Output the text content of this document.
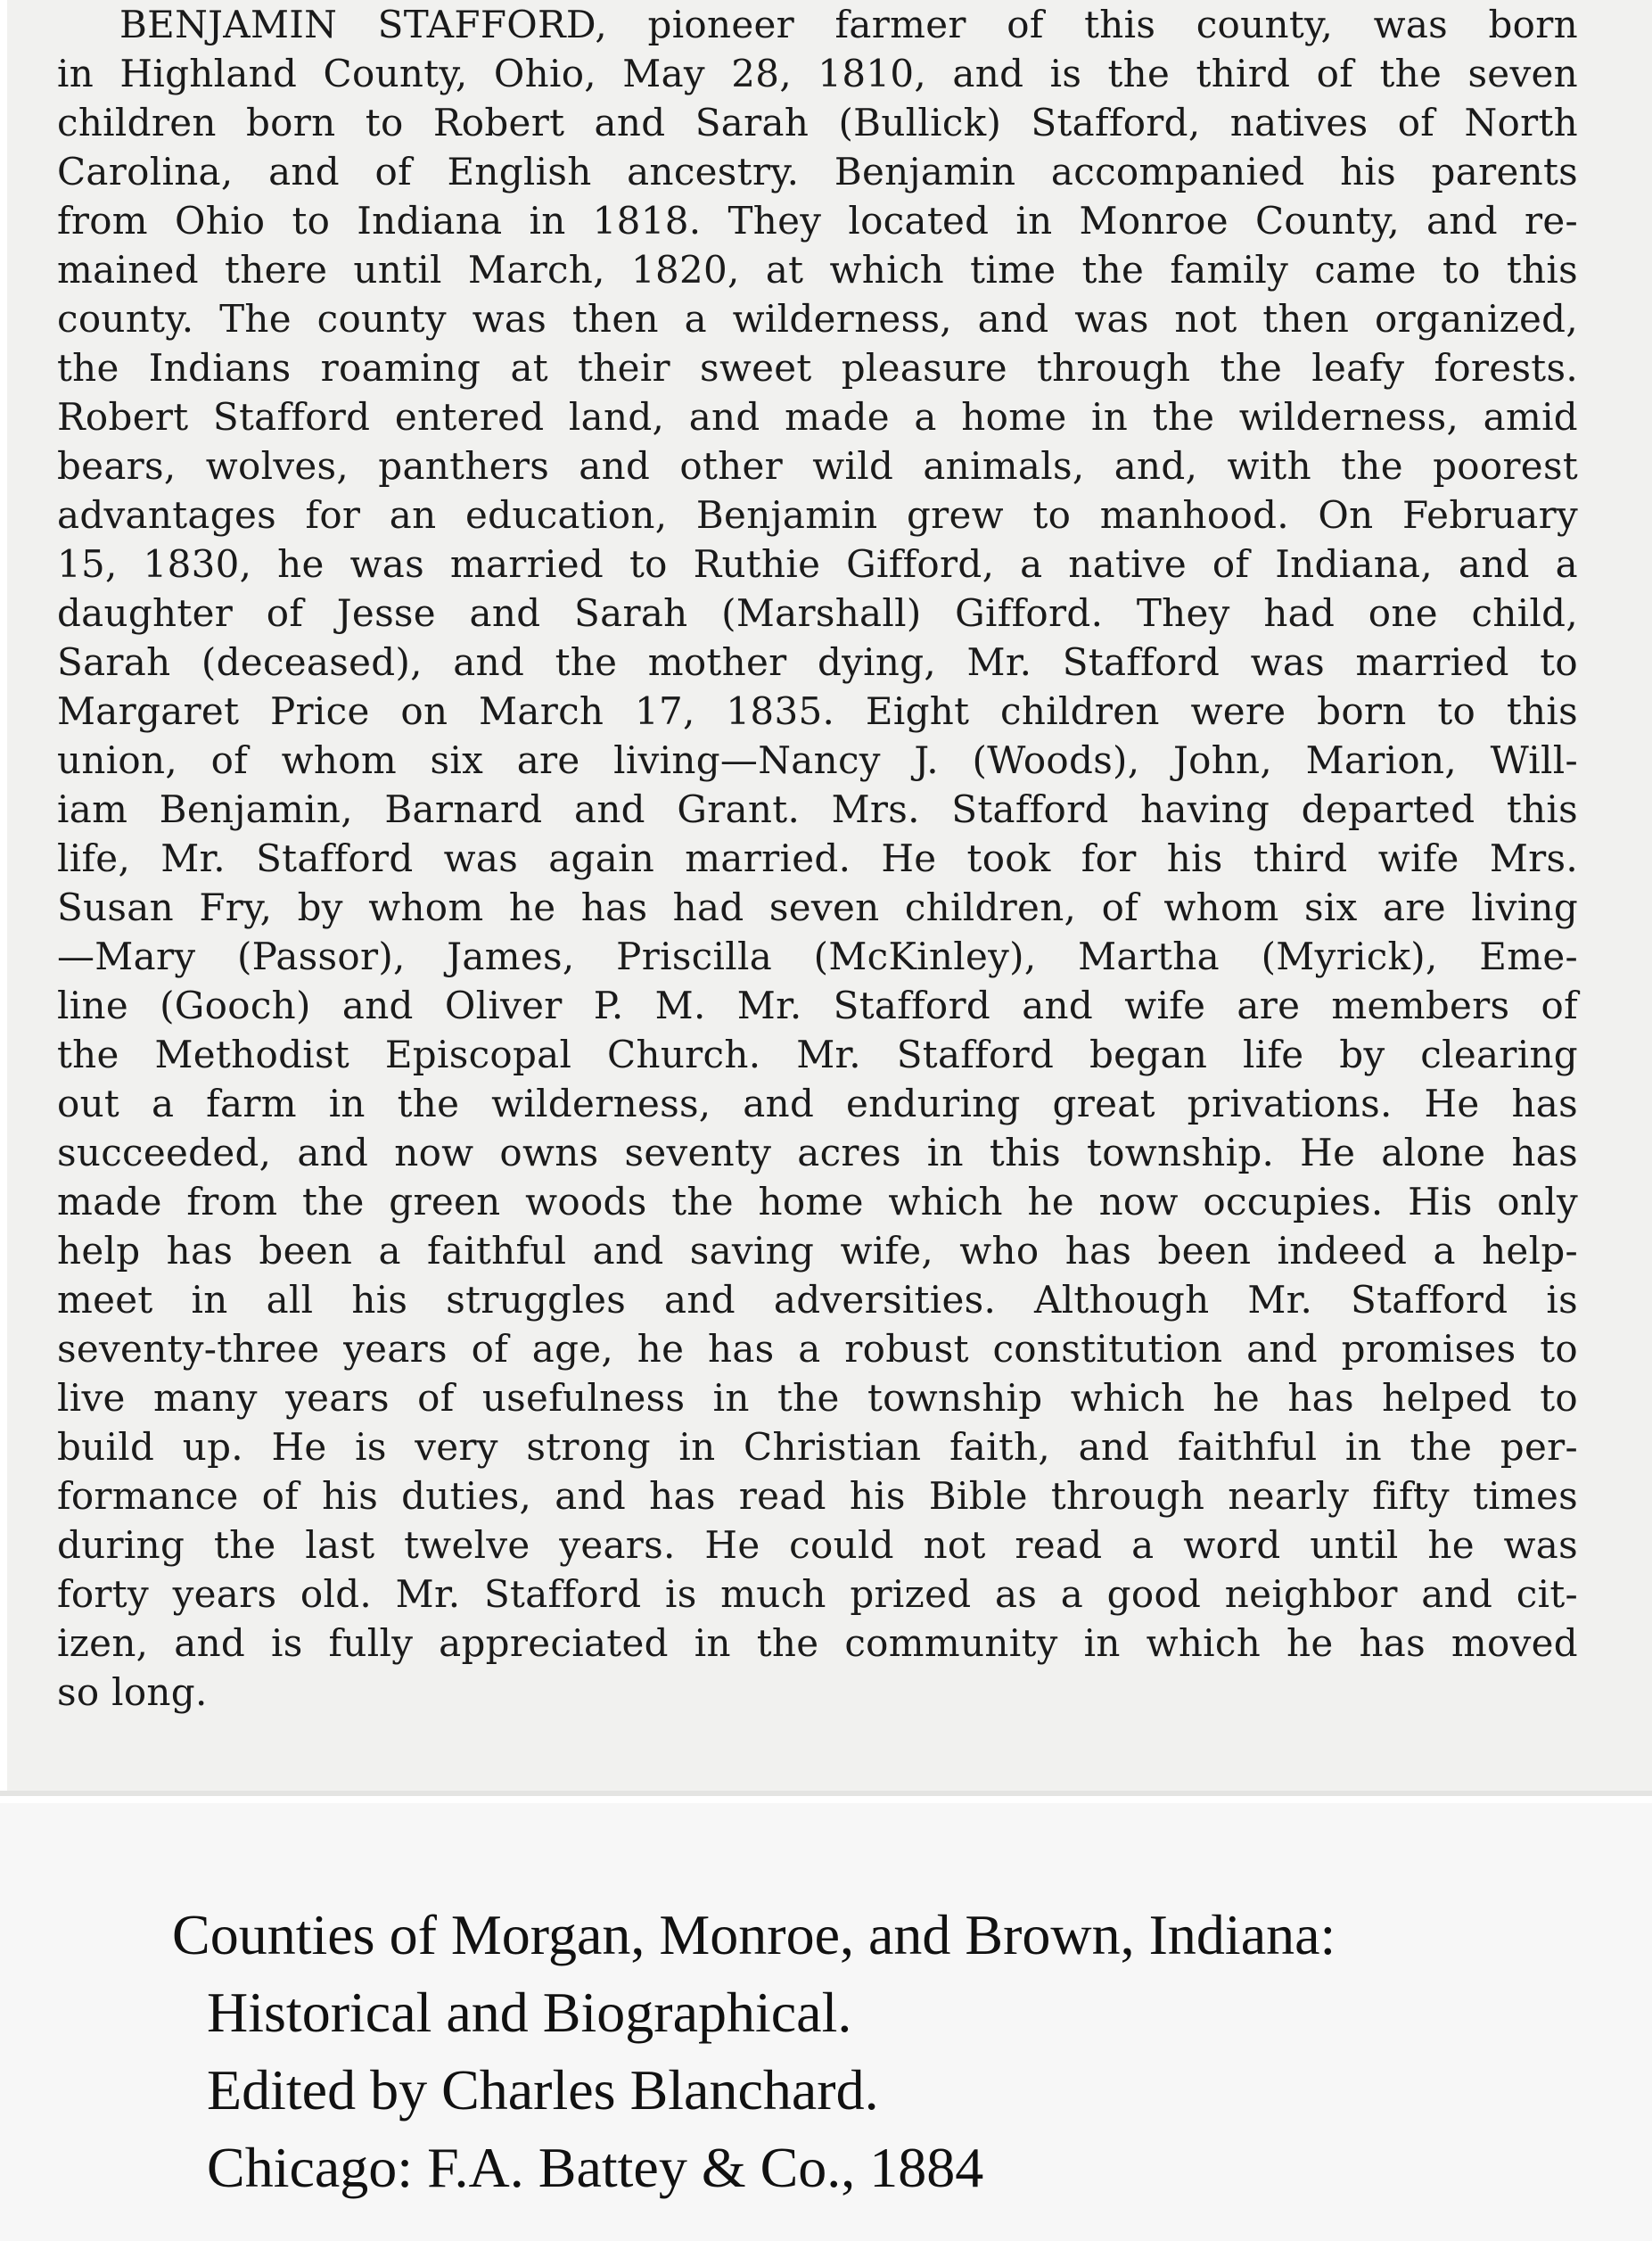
BENJAMIN STAFFORD, pioneer farmer of this county, was born

in Highland County, Ohio, May 28, 1810, and is the third of the seven

children born to Robert and Sarah (Bullick) Stafford, natives of North

Carolina, and of English ancestry. Benjamin accompanied his parents

from Ohio to Indiana in 1818. They located in Monroe County, and re-

mained there until March, 1820, at which time the family came to this

county. The county was then a wilderness, and was not then organized,

the Indians roaming at their sweet pleasure through the leafy forests.

Robert Stafford entered land, and made a home in the wilderness, amid

bears, wolves, panthers and other wild animals, and, with the poorest

advantages for an education, Benjamin grew to manhood. On February

15, 1830, he was married to Ruthie Gifford, a native of Indiana, and a

daughter of Jesse and Sarah (Marshall) Gifford. They had one child,

Sarah (deceased), and the mother dying, Mr. Stafford was married to

Margaret Price on March 17, 1835. Eight children were born to this

union, of whom six are living—Nancy J. (Woods), John, Marion, Will-

iam Benjamin, Barnard and Grant. Mrs. Stafford having departed this

life, Mr. Stafford was again married. He took for his third wife Mrs.

Susan Fry, by whom he has had seven children, of whom six are living

—Mary (Passor), James, Priscilla (McKinley), Martha (Myrick), Eme-

line (Gooch) and Oliver P. M. Mr. Stafford and wife are members of

the Methodist Episcopal Church. Mr. Stafford began life by clearing

out a farm in the wilderness, and enduring great privations. He has

succeeded, and now owns seventy acres in this township. He alone has

made from the green woods the home which he now occupies. His only

help has been a faithful and saving wife, who has been indeed a help-

meet in all his struggles and adversities. Although Mr. Stafford is

seventy-three years of age, he has a robust constitution and promises to

live many years of usefulness in the township which he has helped to

build up. He is very strong in Christian faith, and faithful in the per-

formance of his duties, and has read his Bible through nearly fifty times

during the last twelve years. He could not read a word until he was

forty years old. Mr. Stafford is much prized as a good neighbor and cit-

izen, and is fully appreciated in the community in which he has moved

so long.

Counties of Morgan, Monroe, and Brown, Indiana:

Historical and Biographical.

Edited by Charles Blanchard.

Chicago: F.A. Battey & Co., 1884
